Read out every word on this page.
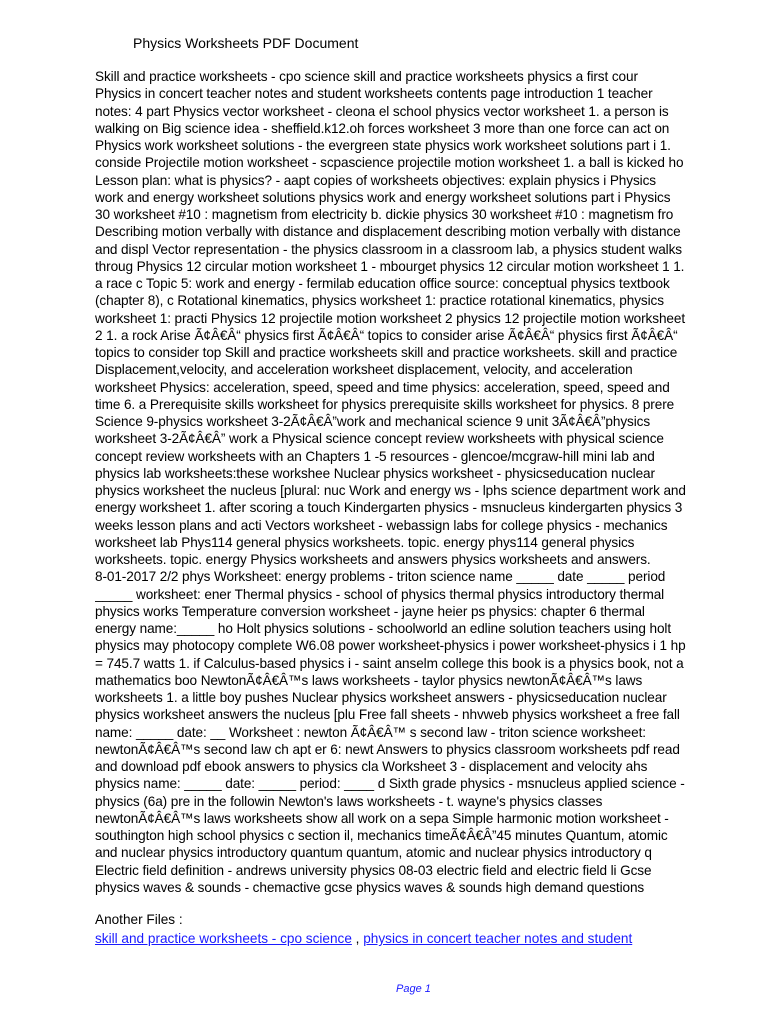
Physics Worksheets PDF Document
Skill and practice worksheets - cpo science skill and practice worksheets physics a first cour
Physics in concert teacher notes and student worksheets contents page introduction 1 teacher
notes: 4 part Physics vector worksheet - cleona el school physics vector worksheet 1. a person is
walking on Big science idea - sheffield.k12.oh forces worksheet 3 more than one force can act on
Physics work worksheet solutions - the evergreen state physics work worksheet solutions part i 1.
conside Projectile motion worksheet - scpascience projectile motion worksheet 1. a ball is kicked ho
Lesson plan: what is physics? - aapt copies of worksheets objectives: explain physics i Physics
work and energy worksheet solutions physics work and energy worksheet solutions part i Physics
30 worksheet #10 : magnetism from electricity b. dickie physics 30 worksheet #10 : magnetism fro
Describing motion verbally with distance and displacement describing motion verbally with distance
and displ Vector representation - the physics classroom in a classroom lab, a physics student walks
throug Physics 12 circular motion worksheet 1 - mbourget physics 12 circular motion worksheet 1 1.
a race c Topic 5: work and energy - fermilab education office source: conceptual physics textbook
(chapter 8), c Rotational kinematics, physics worksheet 1: practice rotational kinematics, physics
worksheet 1: practi Physics 12 projectile motion worksheet 2 physics 12 projectile motion worksheet
2 1. a rock Arise Ã¢Â€Â“ physics first Ã¢Â€Â“ topics to consider arise Ã¢Â€Â“ physics first Ã¢Â€Â“
topics to consider top Skill and practice worksheets skill and practice worksheets. skill and practice
Displacement,velocity, and acceleration worksheet displacement, velocity, and acceleration
worksheet Physics: acceleration, speed, speed and time physics: acceleration, speed, speed and
time 6. a Prerequisite skills worksheet for physics prerequisite skills worksheet for physics. 8 prere
Science 9-physics worksheet 3-2Ã¢Â€Â”work and mechanical science 9 unit 3Ã¢Â€Â”physics
worksheet 3-2Ã¢Â€Â” work a Physical science concept review worksheets with physical science
concept review worksheets with an Chapters 1 -5 resources - glencoe/mcgraw-hill mini lab and
physics lab worksheets:these workshee Nuclear physics worksheet - physicseducation nuclear
physics worksheet the nucleus [plural: nuc Work and energy ws - lphs science department work and
energy worksheet 1. after scoring a touch Kindergarten physics - msnucleus kindergarten physics 3
weeks lesson plans and acti Vectors worksheet - webassign labs for college physics - mechanics
worksheet lab Phys114 general physics worksheets. topic. energy phys114 general physics
worksheets. topic. energy Physics worksheets and answers physics worksheets and answers.
8-01-2017 2/2 phys Worksheet: energy problems - triton science name _____ date _____ period
_____ worksheet: ener Thermal physics - school of physics thermal physics introductory thermal
physics works Temperature conversion worksheet - jayne heier ps physics: chapter 6 thermal
energy name:_____ ho Holt physics solutions - schoolworld an edline solution teachers using holt
physics may photocopy complete W6.08 power worksheet-physics i power worksheet-physics i 1 hp
= 745.7 watts 1. if Calculus-based physics i - saint anselm college this book is a physics book, not a
mathematics boo NewtonÃ¢Â€Â™s laws worksheets - taylor physics newtonÃ¢Â€Â™s laws
worksheets 1. a little boy pushes Nuclear physics worksheet answers - physicseducation nuclear
physics worksheet answers the nucleus [plu Free fall sheets - nhvweb physics worksheet a free fall
name: _____ date: __ Worksheet : newton Ã¢Â€Â™ s second law - triton science worksheet:
newtonÃ¢Â€Â™s second law ch apt er 6: newt Answers to physics classroom worksheets pdf read
and download pdf ebook answers to physics cla Worksheet 3 - displacement and velocity ahs
physics name: _____ date: _____ period: ____ d Sixth grade physics - msnucleus applied science -
physics (6a) pre in the followin Newton's laws worksheets - t. wayne's physics classes
newtonÃ¢Â€Â™s laws worksheets show all work on a sepa Simple harmonic motion worksheet -
southington high school physics c section il, mechanics timeÃ¢Â€Â”45 minutes Quantum, atomic
and nuclear physics introductory quantum quantum, atomic and nuclear physics introductory q
Electric field definition - andrews university physics 08-03 electric field and electric field li Gcse
physics waves & sounds - chemactive gcse physics waves & sounds high demand questions
Another Files :
skill and practice worksheets - cpo science , physics in concert teacher notes and student
Page 1
